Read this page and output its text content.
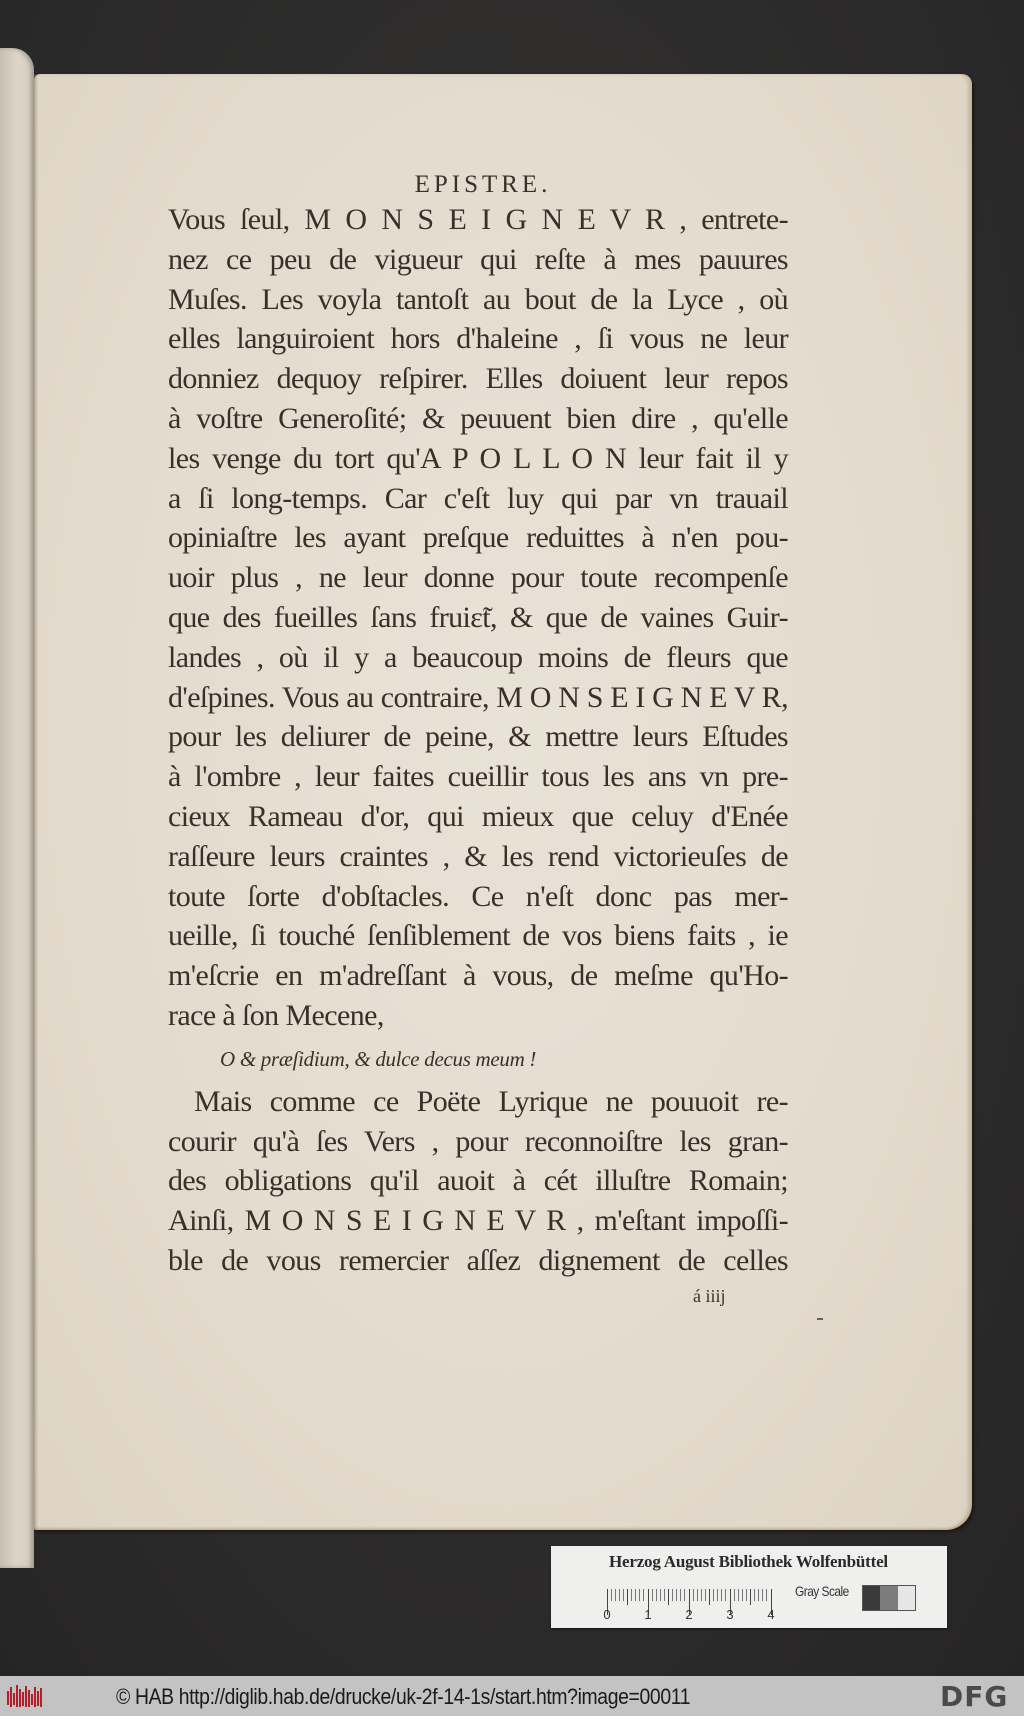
EPISTRE.
Vous ſeul, M O N S E I G N E V R , entrete-
nez ce peu de vigueur qui reſte à mes pauures
Muſes. Les voyla tantoſt au bout de la Lyce , où
elles languiroient hors d'haleine , ſi vous ne leur
donniez dequoy reſpirer. Elles doiuent leur repos
à voſtre Generoſité; & peuuent bien dire , qu'elle
les venge du tort qu'A P O L L O N leur fait il y
a ſi long-temps. Car c'eſt luy qui par vn trauail
opiniaſtre les ayant preſque reduittes à n'en pou-
uoir plus , ne leur donne pour toute recompenſe
que des fueilles ſans fruiɛ̃t, & que de vaines Guir-
landes , où il y a beaucoup moins de fleurs que
d'eſpines. Vous au contraire, M O N S E I G N E V R,
pour les deliurer de peine, & mettre leurs Eſtudes
à l'ombre , leur faites cueillir tous les ans vn pre-
cieux Rameau d'or, qui mieux que celuy d'Enée
raſſeure leurs craintes , & les rend victorieuſes de
toute ſorte d'obſtacles. Ce n'eſt donc pas mer-
ueille, ſi touché ſenſiblement de vos biens faits , ie
m'eſcrie en m'adreſſant à vous, de meſme qu'Ho-
race à ſon Mecene,
O & præſidium, & dulce decus meum !
Mais comme ce Poëte Lyrique ne pouuoit re-
courir qu'à ſes Vers , pour reconnoiſtre les gran-
des obligations qu'il auoit à cét illuſtre Romain;
Ainſi, M O N S E I G N E V R , m'eſtant impoſſi-
ble de vous remercier aſſez dignement de celles
á iiij
Herzog August Bibliothek Wolfenbüttel
0	1	2	3	4
Gray Scale
© HAB http://diglib.hab.de/drucke/uk-2f-14-1s/start.htm?image=00011	DFG
